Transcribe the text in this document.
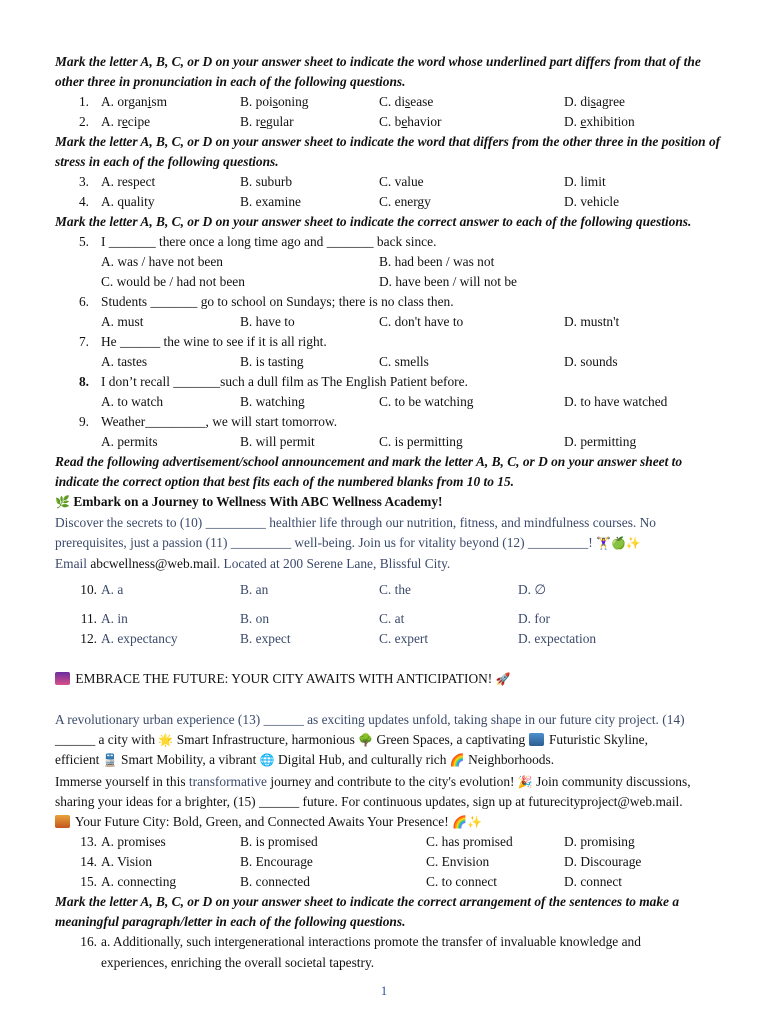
Mark the letter A, B, C, or D on your answer sheet to indicate the word whose underlined part differs from that of the other three in pronunciation in each of the following questions.
1. A. organism	B. poisoning	C. disease	D. disagree
2. A. recipe	B. regular	C. behavior	D. exhibition
Mark the letter A, B, C, or D on your answer sheet to indicate the word that differs from the other three in the position of stress in each of the following questions.
3. A. respect	B. suburb	C. value	D. limit
4. A. quality	B. examine	C. energy	D. vehicle
Mark the letter A, B, C, or D on your answer sheet to indicate the correct answer to each of the following questions.
5. I _______ there once a long time ago and _______ back since.
A. was / have not been	B. had been / was not
C. would be / had not been	D. have been / will not be
6. Students _______ go to school on Sundays; there is no class then.
A. must	B. have to	C. don't have to	D. mustn't
7. He ______ the wine to see if it is all right.
A. tastes	B. is tasting	C. smells	D. sounds
8. I don’t recall _______such a dull film as The English Patient before.
A. to watch	B. watching	C. to be watching	D. to have watched
9. Weather_________, we will start tomorrow.
A. permits	B. will permit	C. is permitting	D. permitting
Read the following advertisement/school announcement and mark the letter A, B, C, or D on your answer sheet to indicate the correct option that best fits each of the numbered blanks from 10 to 15.
🌿 Embark on a Journey to Wellness With ABC Wellness Academy!
Discover the secrets to (10) _________ healthier life through our nutrition, fitness, and mindfulness courses. No
prerequisites, just a passion (11) _________ well-being. Join us for vitality beyond (12) _________! 🏋‍♀🍏✨
Email abcwellness@web.mail. Located at 200 Serene Lane, Blissful City.
10. A. a	B. an	C. the	D. ∅
11. A. in	B. on	C. at	D. for
12. A. expectancy	B. expect	C. expert	D. expectation
EMBRACE THE FUTURE: YOUR CITY AWAITS WITH ANTICIPATION! 🚀
A revolutionary urban experience (13) ______ as exciting updates unfold, taking shape in our future city project. (14)
______ a city with 🌟 Smart Infrastructure, harmonious 🌳 Green Spaces, a captivating Futuristic Skyline,
efficient 🚆 Smart Mobility, a vibrant 🌐 Digital Hub, and culturally rich 🌈 Neighborhoods.
Immerse yourself in this transformative journey and contribute to the city's evolution! 🎉 Join community discussions,
sharing your ideas for a brighter, (15) ______ future. For continuous updates, sign up at futurecityproject@web.mail.
Your Future City: Bold, Green, and Connected Awaits Your Presence! 🌈✨
13. A. promises	B. is promised	C. has promised	D. promising
14. A. Vision	B. Encourage	C. Envision	D. Discourage
15. A. connecting	B. connected	C. to connect	D. connect
Mark the letter A, B, C, or D on your answer sheet to indicate the correct arrangement of the sentences to make a meaningful paragraph/letter in each of the following questions.
16. a. Additionally, such intergenerational interactions promote the transfer of invaluable knowledge and
experiences, enriching the overall societal tapestry.
1
